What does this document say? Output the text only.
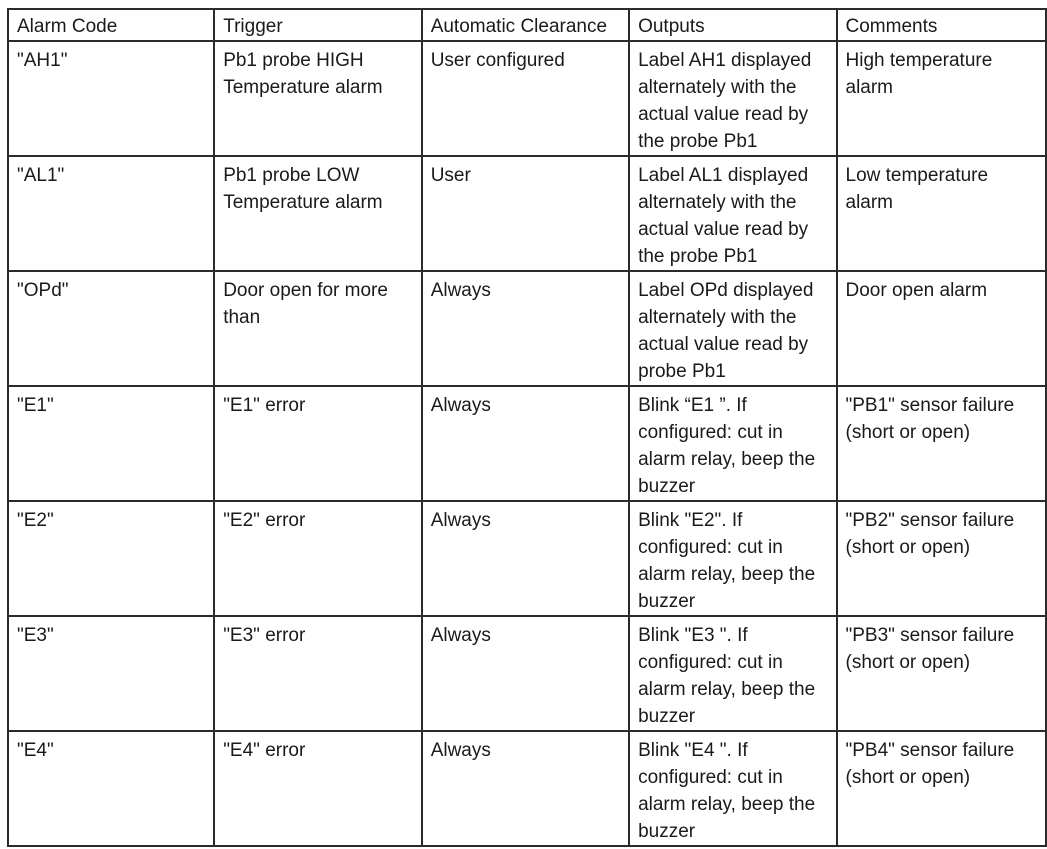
Alarm Code	Trigger	Automatic Clearance	Outputs	Comments
"AH1"	Pb1 probe HIGH Temperature alarm	User configured	Label AH1 displayed alternately with the actual value read by the probe Pb1	High temperature alarm
"AL1"	Pb1 probe LOW Temperature alarm	User	Label AL1 displayed alternately with the actual value read by the probe Pb1	Low temperature alarm
"OPd"	Door open for more than	Always	Label OPd displayed alternately with the actual value read by probe Pb1	Door open alarm
"E1"	"E1" error	Always	Blink “E1 ”. If configured: cut in alarm relay, beep the buzzer	"PB1" sensor failure (short or open)
"E2"	"E2" error	Always	Blink "E2". If configured: cut in alarm relay, beep the buzzer	"PB2" sensor failure (short or open)
"E3"	"E3" error	Always	Blink "E3 ". If configured: cut in alarm relay, beep the buzzer	"PB3" sensor failure (short or open)
"E4"	"E4" error	Always	Blink "E4 ". If configured: cut in alarm relay, beep the buzzer	"PB4" sensor failure (short or open)
